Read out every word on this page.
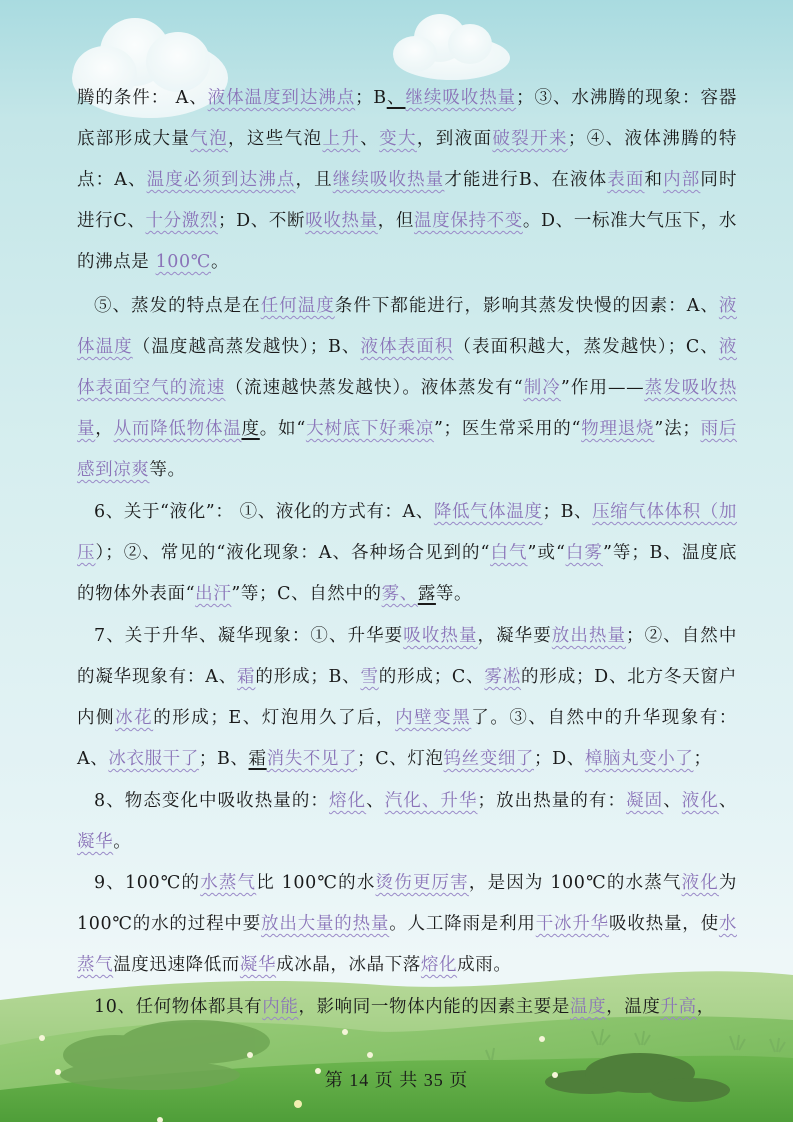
腾的条件： A、液体温度到达沸点；B、继续吸收热量；③、水沸腾的现象：容器底部形成大量气泡，这些气泡上升、变大，到液面破裂开来；④、液体沸腾的特点：A、温度必须到达沸点，且继续吸收热量才能进行B、在液体表面和内部同时进行C、十分激烈；D、不断吸收热量，但温度保持不变。D、一标准大气压下，水的沸点是 100℃。
⑤、蒸发的特点是在任何温度条件下都能进行，影响其蒸发快慢的因素：A、液体温度（温度越高蒸发越快）；B、液体表面积（表面积越大，蒸发越快）；C、液体表面空气的流速（流速越快蒸发越快）。液体蒸发有“制冷”作用——蒸发吸收热量，从而降低物体温度。如“大树底下好乘凉”；医生常采用的“物理退烧”法；雨后感到凉爽等。
6、关于“液化”： ①、液化的方式有：A、降低气体温度；B、压缩气体体积（加压）；②、常见的“液化现象：A、各种场合见到的“白气”或“白雾”等；B、温度底的物体外表面“出汗”等；C、自然中的雾、露等。
7、关于升华、凝华现象：①、升华要吸收热量，凝华要放出热量；②、自然中的凝华现象有：A、霜的形成；B、雪的形成；C、雾凇的形成；D、北方冬天窗户内侧冰花的形成；E、灯泡用久了后，内壁变黑了。③、自然中的升华现象有：A、冰衣服干了；B、霜消失不见了；C、灯泡钨丝变细了；D、樟脑丸变小了；
8、物态变化中吸收热量的：熔化、汽化、升华；放出热量的有：凝固、液化、凝华。
9、100℃的水蒸气比 100℃的水烫伤更厉害，是因为 100℃的水蒸气液化为 100℃的水的过程中要放出大量的热量。人工降雨是利用干冰升华吸收热量，使水蒸气温度迅速降低而凝华成冰晶，冰晶下落熔化成雨。
10、任何物体都具有内能，影响同一物体内能的因素主要是温度，温度升高，
第 14 页 共 35 页
